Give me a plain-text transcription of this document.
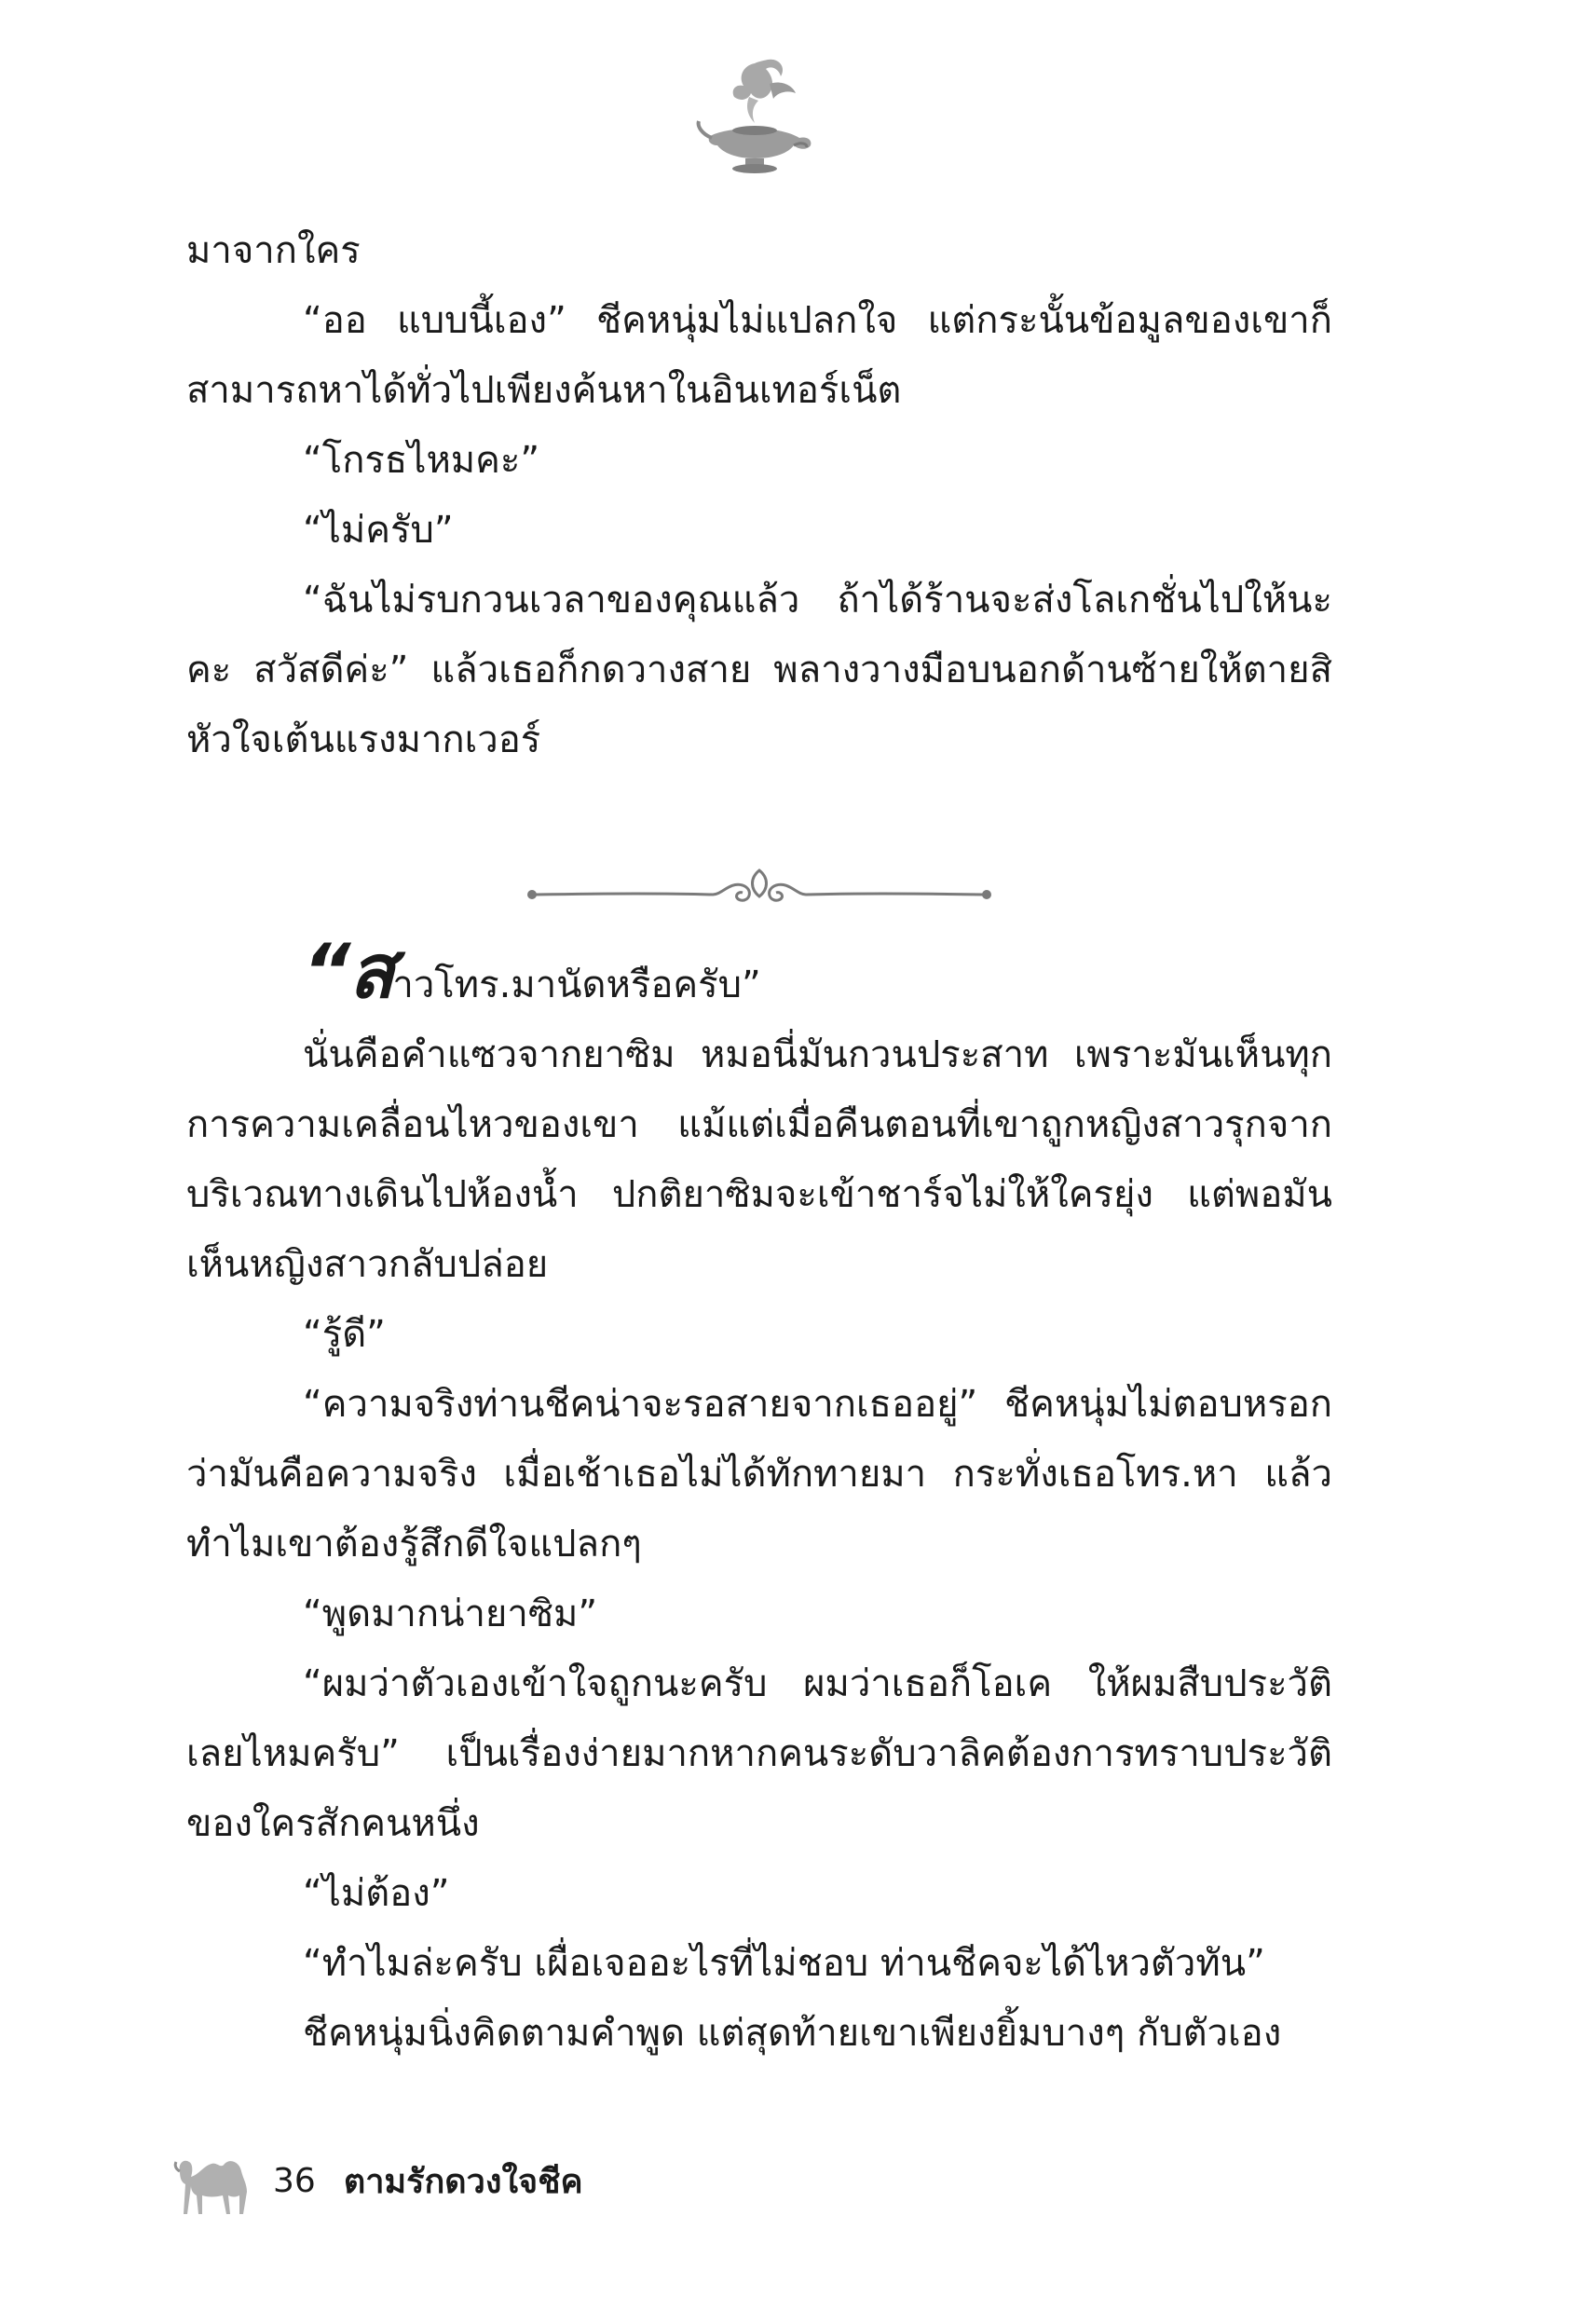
มาจากใคร

“ออ แบบนี้เอง” ชีคหนุ่มไม่แปลกใจ แต่กระนั้นข้อมูลของเขาก็สามารถหาได้ทั่วไปเพียงค้นหาในอินเทอร์เน็ต

“โกรธไหมคะ”

“ไม่ครับ”

“ฉันไม่รบกวนเวลาของคุณแล้ว ถ้าได้ร้านจะส่งโลเกชั่นไปให้นะคะ สวัสดีค่ะ” แล้วเธอก็กดวางสาย พลางวางมือบนอกด้านซ้ายให้ตายสิ หัวใจเต้นแรงมากเวอร์

“สาวโทร.มานัดหรือครับ”

นั่นคือคำแซวจากยาซิม หมอนี่มันกวนประสาท เพราะมันเห็นทุกการความเคลื่อนไหวของเขา แม้แต่เมื่อคืนตอนที่เขาถูกหญิงสาวรุกจากบริเวณทางเดินไปห้องน้ำ ปกติยาซิมจะเข้าชาร์จไม่ให้ใครยุ่ง แต่พอมันเห็นหญิงสาวกลับปล่อย

“รู้ดี”

“ความจริงท่านชีคน่าจะรอสายจากเธออยู่” ชีคหนุ่มไม่ตอบหรอกว่ามันคือความจริง เมื่อเช้าเธอไม่ได้ทักทายมา กระทั่งเธอโทร.หา แล้วทำไมเขาต้องรู้สึกดีใจแปลกๆ

“พูดมากน่ายาซิม”

“ผมว่าตัวเองเข้าใจถูกนะครับ ผมว่าเธอก็โอเค ให้ผมสืบประวัติเลยไหมครับ” เป็นเรื่องง่ายมากหากคนระดับวาลิคต้องการทราบประวัติของใครสักคนหนึ่ง

“ไม่ต้อง”

“ทำไมล่ะครับ เผื่อเจออะไรที่ไม่ชอบ ท่านชีคจะได้ไหวตัวทัน”

ชีคหนุ่มนิ่งคิดตามคำพูด แต่สุดท้ายเขาเพียงยิ้มบางๆ กับตัวเอง

36 ตามรักดวงใจชีค
